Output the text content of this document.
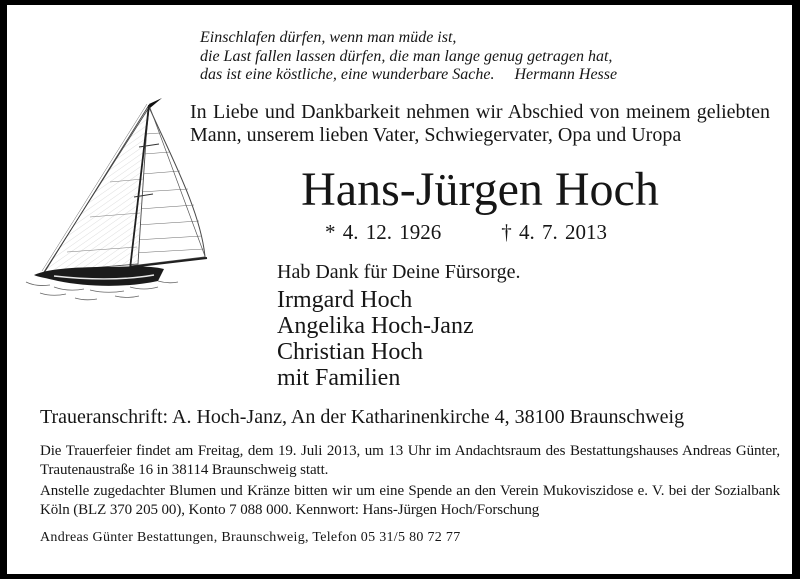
Einschlafen dürfen, wenn man müde ist,
die Last fallen lassen dürfen, die man lange genug getragen hat,
das ist eine köstliche, eine wunderbare Sache. Hermann Hesse
In Liebe und Dankbarkeit nehmen wir Abschied von meinem geliebten Mann, unserem lieben Vater, Schwiegervater, Opa und Uropa
Hans-Jürgen Hoch
* 4. 12. 1926	† 4. 7. 2013
Hab Dank für Deine Fürsorge.
Irmgard Hoch
Angelika Hoch-Janz
Christian Hoch
mit Familien
Traueranschrift: A. Hoch-Janz, An der Katharinenkirche 4, 38100 Braunschweig
Die Trauerfeier findet am Freitag, dem 19. Juli 2013, um 13 Uhr im Andachtsraum des Bestattungshauses Andreas Günter, Trautenaustraße 16 in 38114 Braunschweig statt.
Anstelle zugedachter Blumen und Kränze bitten wir um eine Spende an den Verein Mukoviszidose e. V. bei der Sozialbank Köln (BLZ 370 205 00), Konto 7 088 000. Kennwort: Hans-Jürgen Hoch/Forschung
Andreas Günter Bestattungen, Braunschweig, Telefon 05 31/5 80 72 77
